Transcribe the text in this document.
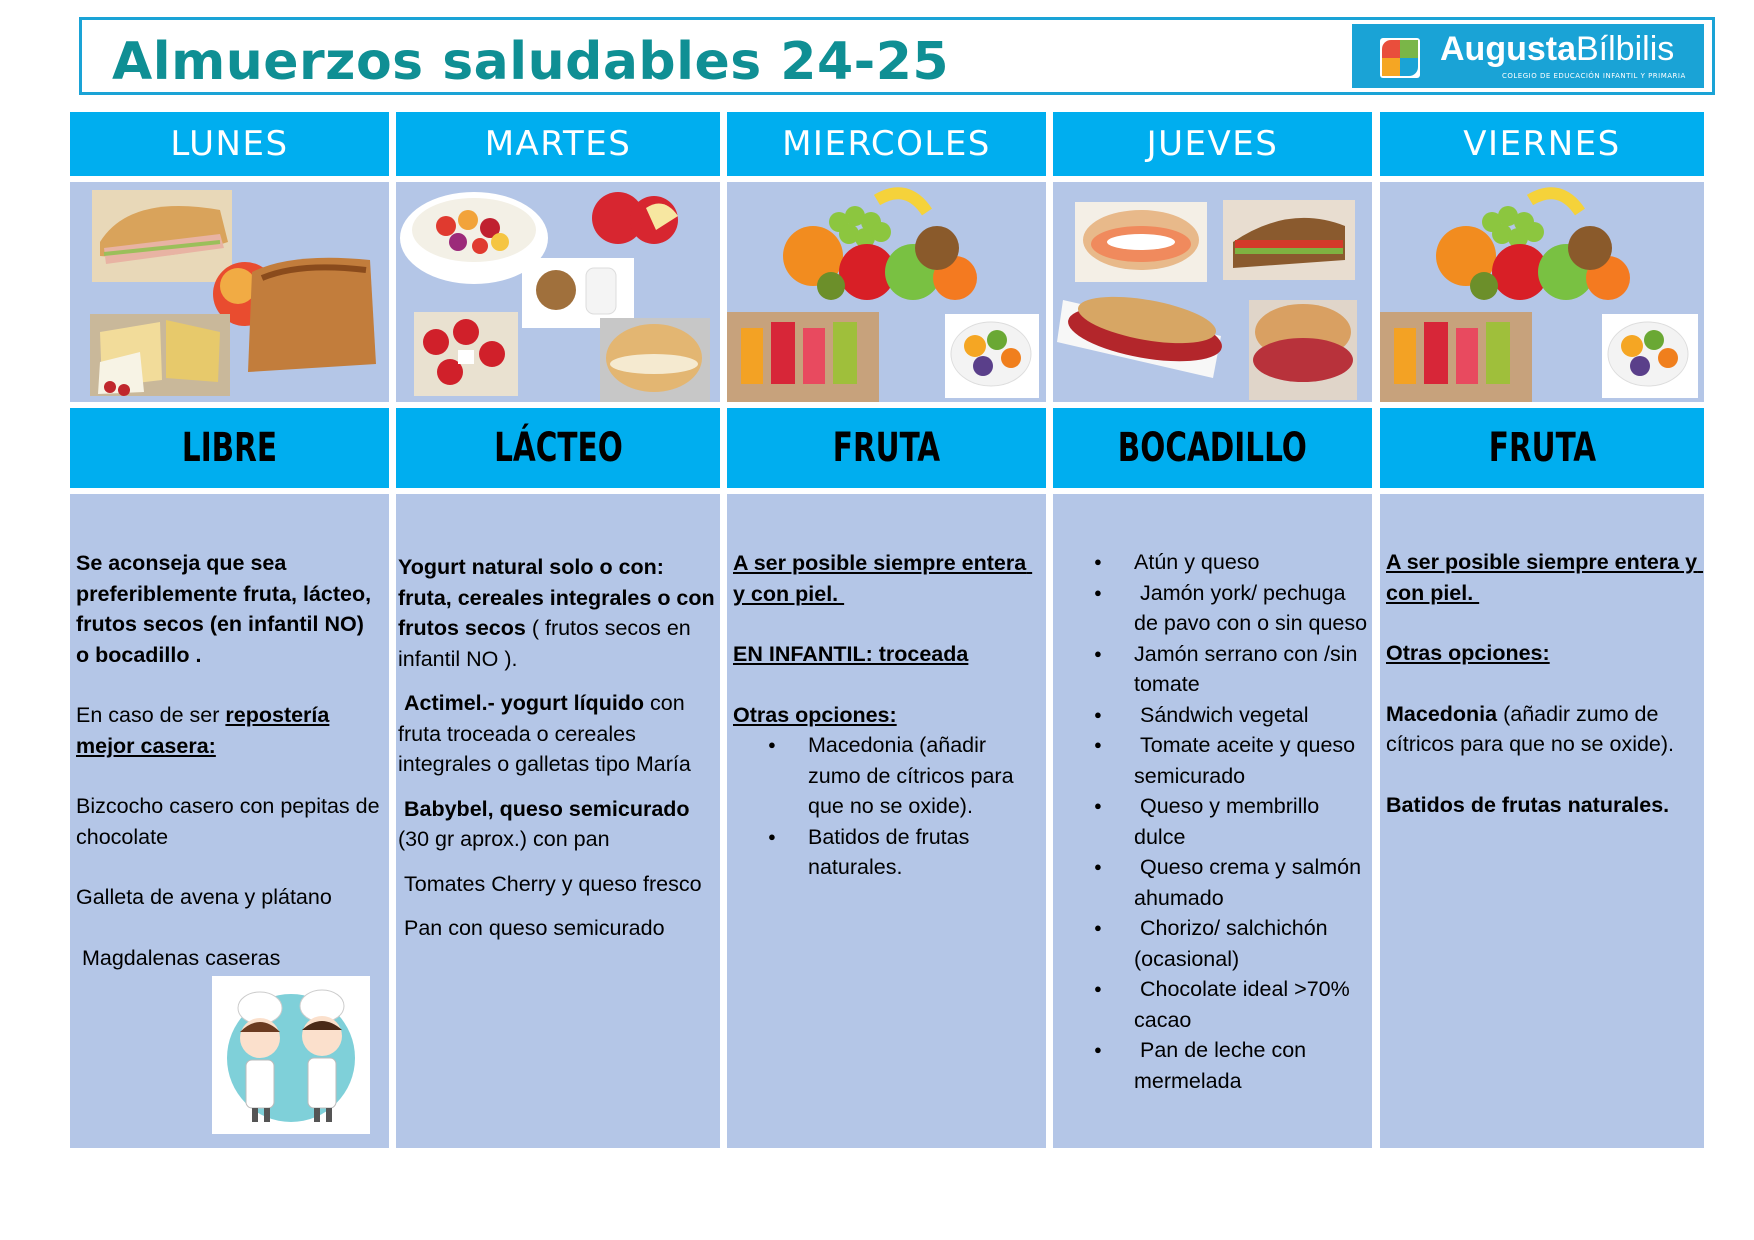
Almuerzos saludables 24-25	AugustaBílbilis
COLEGIO DE EDUCACIÓN INFANTIL Y PRIMARIA
LUNES
LIBRE

Se aconseja que sea preferiblemente fruta, lácteo, frutos secos (en infantil NO) o bocadillo .

En caso de ser repostería mejor casera:

Bizcocho casero con pepitas de chocolate

Galleta de avena y plátano

Magdalenas caseras

MARTES
LÁCTEO

Yogurt natural solo o con: fruta, cereales integrales o con frutos secos ( frutos secos en infantil NO ).

Actimel.- yogurt líquido con fruta troceada o cereales integrales o galletas tipo María

Babybel, queso semicurado (30 gr aprox.) con pan

Tomates Cherry y queso fresco

Pan con queso semicurado

MIERCOLES
FRUTA

A ser posible siempre entera y con piel.

EN INFANTIL: troceada

Otras opciones:

● Macedonia (añadir zumo de cítricos para que no se oxide).
● Batidos de frutas naturales.
JUEVES
BOCADILLO
● Atún y queso
●  Jamón york/ pechuga de pavo con o sin queso
● Jamón serrano con /sin tomate
●  Sándwich vegetal
●  Tomate aceite y queso semicurado
●  Queso y membrillo dulce
●  Queso crema y salmón ahumado
●  Chorizo/ salchichón (ocasional)
●  Chocolate ideal >70% cacao
●  Pan de leche con mermelada
VIERNES
FRUTA

A ser posible siempre entera y con piel.

Otras opciones:

Macedonia (añadir zumo de cítricos para que no se oxide).

Batidos de frutas naturales.
